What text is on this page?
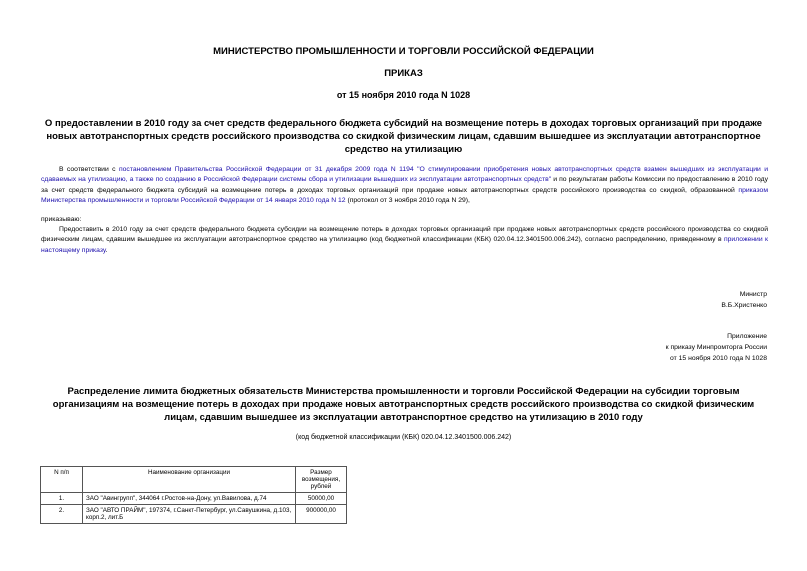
МИНИСТЕРСТВО ПРОМЫШЛЕННОСТИ И ТОРГОВЛИ РОССИЙСКОЙ ФЕДЕРАЦИИ
ПРИКАЗ
от 15 ноября 2010 года N 1028
О предоставлении в 2010 году за счет средств федерального бюджета субсидий на возмещение потерь в доходах торговых организаций при продаже новых автотранспортных средств российского производства со скидкой физическим лицам, сдавшим вышедшее из эксплуатации автотранспортное средство на утилизацию
В соответствии с постановлением Правительства Российской Федерации от 31 декабря 2009 года N 1194 "О стимулировании приобретения новых автотранспортных средств взамен вышедших из эксплуатации и сдаваемых на утилизацию, а также по созданию в Российской Федерации системы сбора и утилизации вышедших из эксплуатации автотранспортных средств" и по результатам работы Комиссии по предоставлению в 2010 году за счет средств федерального бюджета субсидий на возмещение потерь в доходах торговых организаций при продаже новых автотранспортных средств российского производства со скидкой, образованной приказом Министерства промышленности и торговли Российской Федерации от 14 января 2010 года N 12 (протокол от 3 ноября 2010 года N 29),
приказываю:
Предоставить в 2010 году за счет средств федерального бюджета субсидии на возмещение потерь в доходах торговых организаций при продаже новых автотранспортных средств российского производства со скидкой физическим лицам, сдавшим вышедшее из эксплуатации автотранспортное средство на утилизацию (код бюджетной классификации (КБК) 020.04.12.3401500.006.242), согласно распределению, приведенному в приложении к настоящему приказу.
Министр
В.Б.Христенко
Приложение
к приказу Минпромторга России
от 15 ноября 2010 года N 1028
Распределение лимита бюджетных обязательств Министерства промышленности и торговли Российской Федерации на субсидии торговым организациям на возмещение потерь в доходах при продаже новых автотранспортных средств российского производства со скидкой физическим лицам, сдавшим вышедшее из эксплуатации автотранспортное средство на утилизацию в 2010 году
(код бюджетной классификации (КБК) 020.04.12.3401500.006.242)
N п/п	Наименование организации	Размер возмещения, рублей
1.	ЗАО "Авингрупп", 344064 г.Ростов-на-Дону, ул.Вавилова, д.74	50000,00
2.	ЗАО "АВТО ПРАЙМ", 197374, г.Санкт-Петербург, ул.Савушкина, д.103, корп.2, лит.Б	900000,00
